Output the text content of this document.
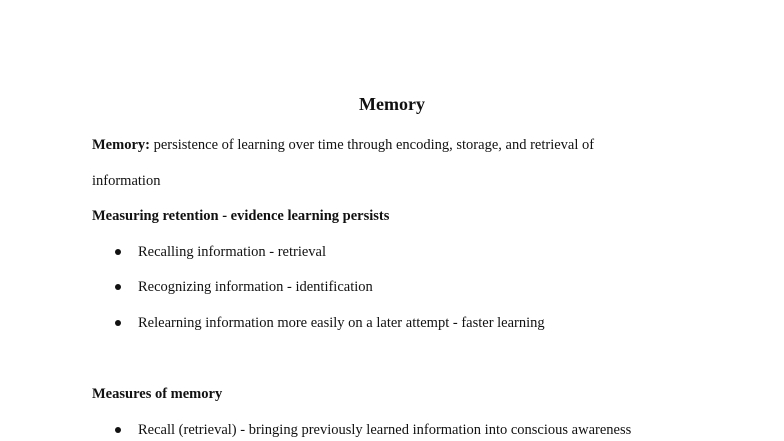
Memory
Memory: persistence of learning over time through encoding, storage, and retrieval of
information
Measuring retention - evidence learning persists
Recalling information - retrieval
Recognizing information - identification
Relearning information more easily on a later attempt - faster learning
Measures of memory
Recall (retrieval) - bringing previously learned information into conscious awareness
